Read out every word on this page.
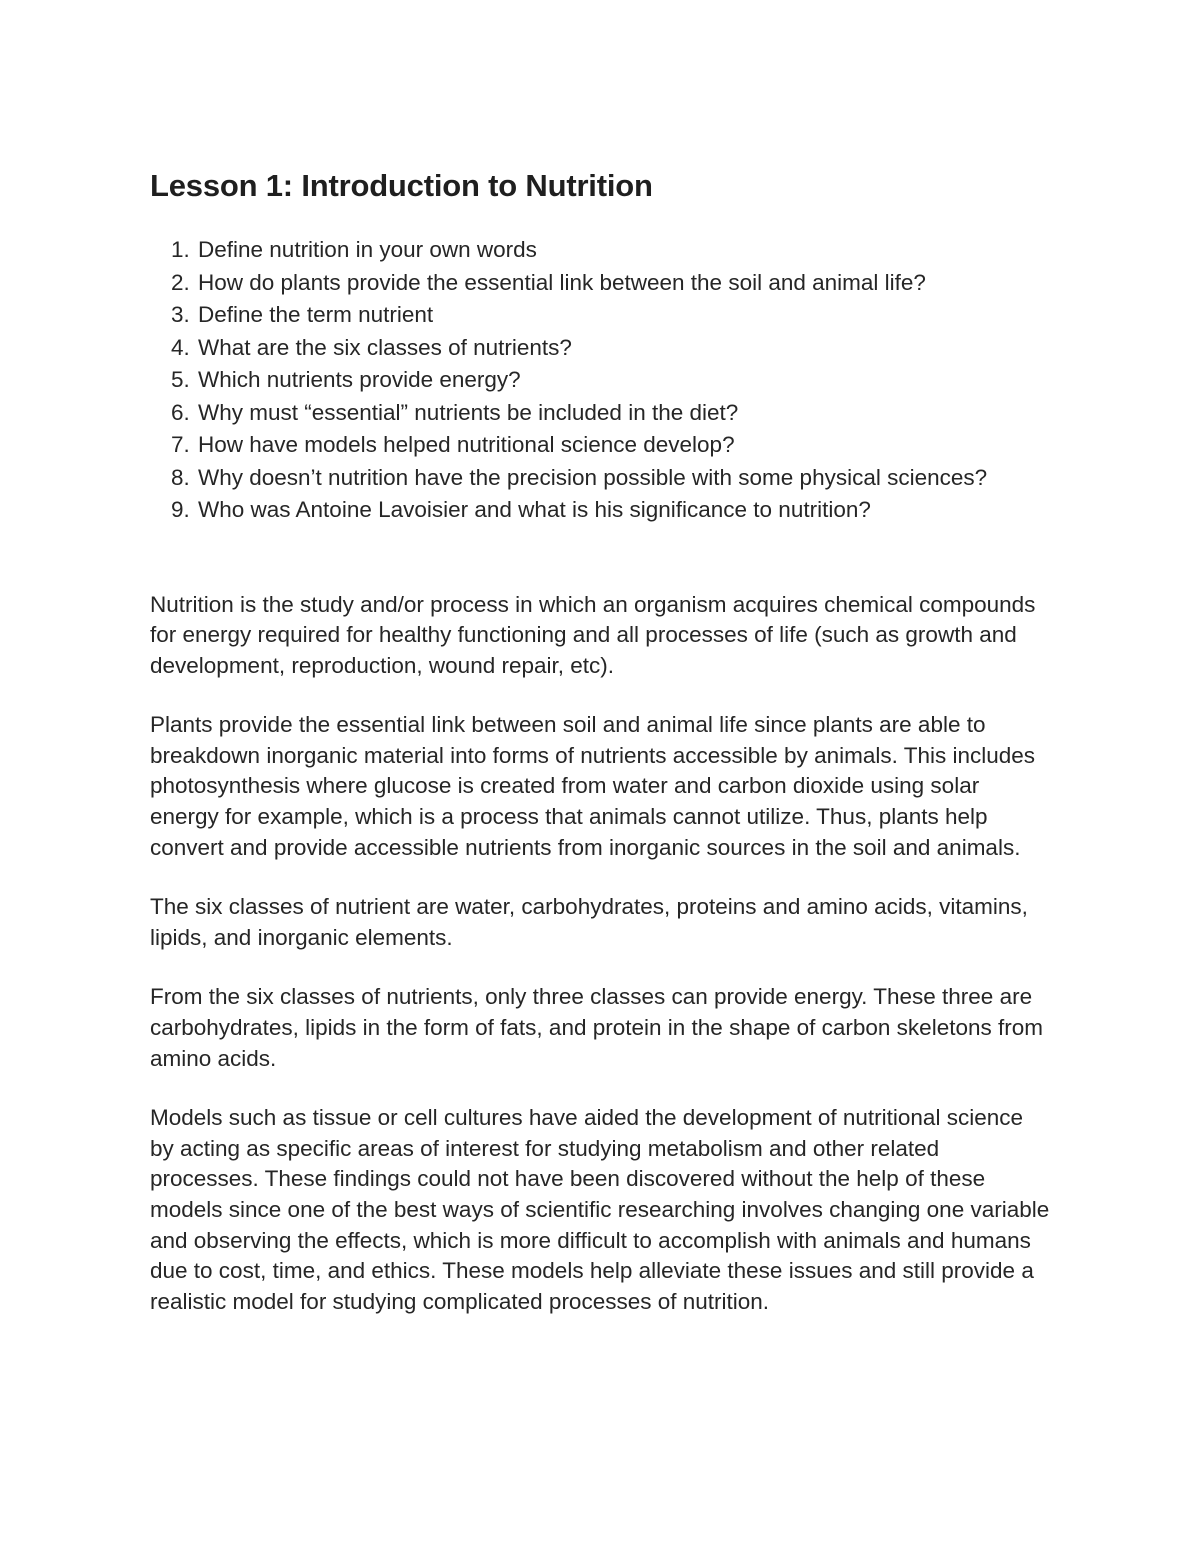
Lesson 1: Introduction to Nutrition
1. Define nutrition in your own words
2. How do plants provide the essential link between the soil and animal life?
3. Define the term nutrient
4. What are the six classes of nutrients?
5. Which nutrients provide energy?
6. Why must “essential” nutrients be included in the diet?
7. How have models helped nutritional science develop?
8. Why doesn’t nutrition have the precision possible with some physical sciences?
9. Who was Antoine Lavoisier and what is his significance to nutrition?

Nutrition is the study and/or process in which an organism acquires chemical compounds for energy required for healthy functioning and all processes of life (such as growth and development, reproduction, wound repair, etc).

Plants provide the essential link between soil and animal life since plants are able to breakdown inorganic material into forms of nutrients accessible by animals. This includes photosynthesis where glucose is created from water and carbon dioxide using solar energy for example, which is a process that animals cannot utilize. Thus, plants help convert and provide accessible nutrients from inorganic sources in the soil and animals.

The six classes of nutrient are water, carbohydrates, proteins and amino acids, vitamins, lipids, and inorganic elements.

From the six classes of nutrients, only three classes can provide energy. These three are carbohydrates, lipids in the form of fats, and protein in the shape of carbon skeletons from amino acids.

Models such as tissue or cell cultures have aided the development of nutritional science by acting as specific areas of interest for studying metabolism and other related processes. These findings could not have been discovered without the help of these models since one of the best ways of scientific researching involves changing one variable and observing the effects, which is more difficult to accomplish with animals and humans due to cost, time, and ethics. These models help alleviate these issues and still provide a realistic model for studying complicated processes of nutrition.
